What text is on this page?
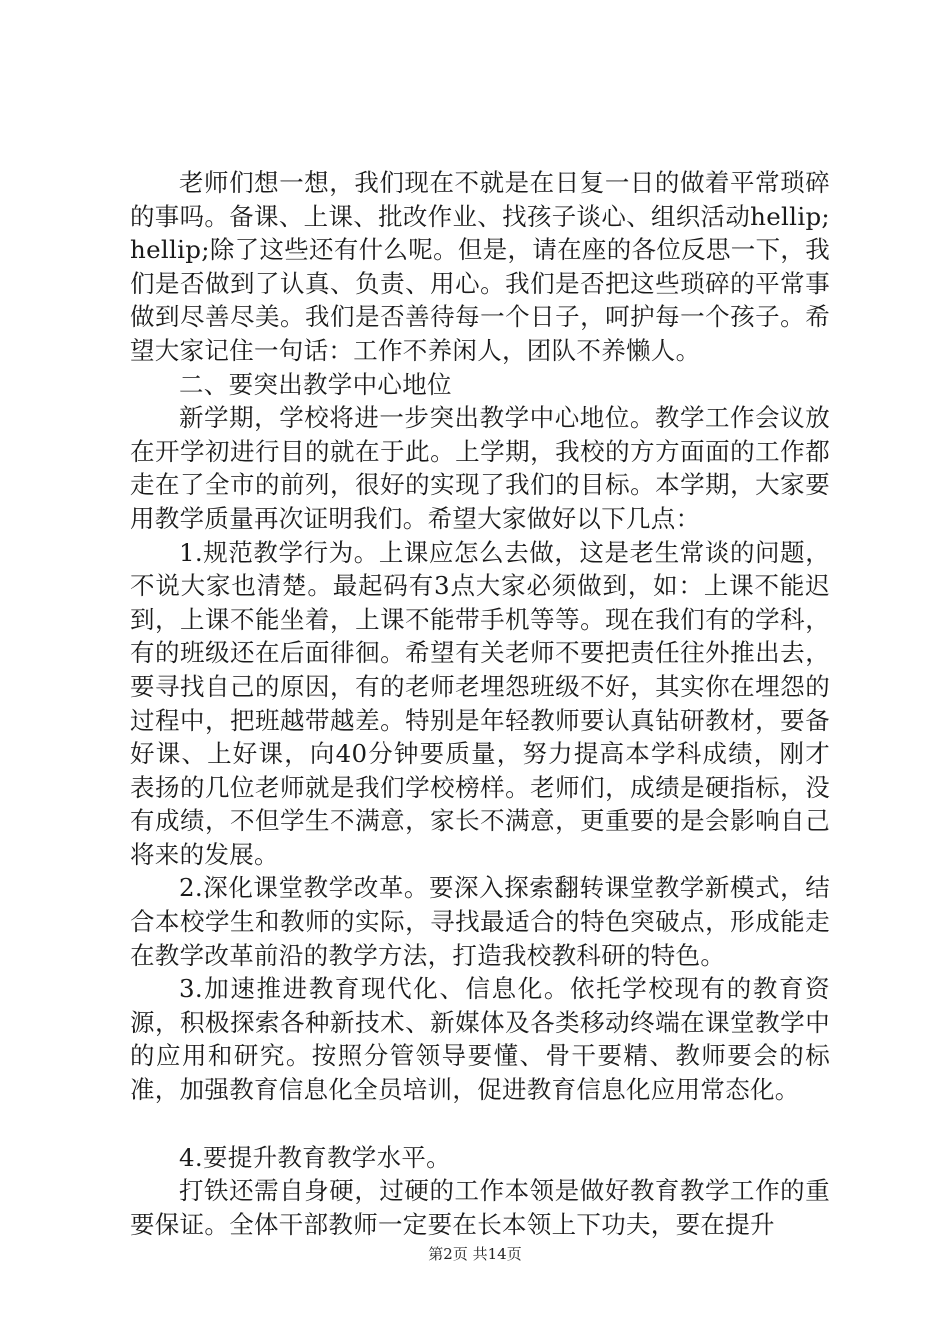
老师们想一想，我们现在不就是在日复一日的做着平常琐碎的事吗。备课、上课、批改作业、找孩子谈心、组织活动hellip;hellip;除了这些还有什么呢。但是，请在座的各位反思一下，我们是否做到了认真、负责、用心。我们是否把这些琐碎的平常事做到尽善尽美。我们是否善待每一个日子，呵护每一个孩子。希望大家记住一句话：工作不养闲人，团队不养懒人。

二、要突出教学中心地位

新学期，学校将进一步突出教学中心地位。教学工作会议放在开学初进行目的就在于此。上学期，我校的方方面面的工作都走在了全市的前列，很好的实现了我们的目标。本学期，大家要用教学质量再次证明我们。希望大家做好以下几点：

1.规范教学行为。上课应怎么去做，这是老生常谈的问题，不说大家也清楚。最起码有3点大家必须做到，如：上课不能迟到，上课不能坐着，上课不能带手机等等。现在我们有的学科，有的班级还在后面徘徊。希望有关老师不要把责任往外推出去，要寻找自己的原因，有的老师老埋怨班级不好，其实你在埋怨的过程中，把班越带越差。特别是年轻教师要认真钻研教材，要备好课、上好课，向40分钟要质量，努力提高本学科成绩，刚才表扬的几位老师就是我们学校榜样。老师们，成绩是硬指标，没有成绩，不但学生不满意，家长不满意，更重要的是会影响自己将来的发展。

2.深化课堂教学改革。要深入探索翻转课堂教学新模式，结合本校学生和教师的实际，寻找最适合的特色突破点，形成能走在教学改革前沿的教学方法，打造我校教科研的特色。

3.加速推进教育现代化、信息化。依托学校现有的教育资源，积极探索各种新技术、新媒体及各类移动终端在课堂教学中的应用和研究。按照分管领导要懂、骨干要精、教师要会的标准，加强教育信息化全员培训，促进教育信息化应用常态化。

4.要提升教育教学水平。

打铁还需自身硬，过硬的工作本领是做好教育教学工作的重要保证。全体干部教师一定要在长本领上下功夫，要在提升

第2页 共14页
